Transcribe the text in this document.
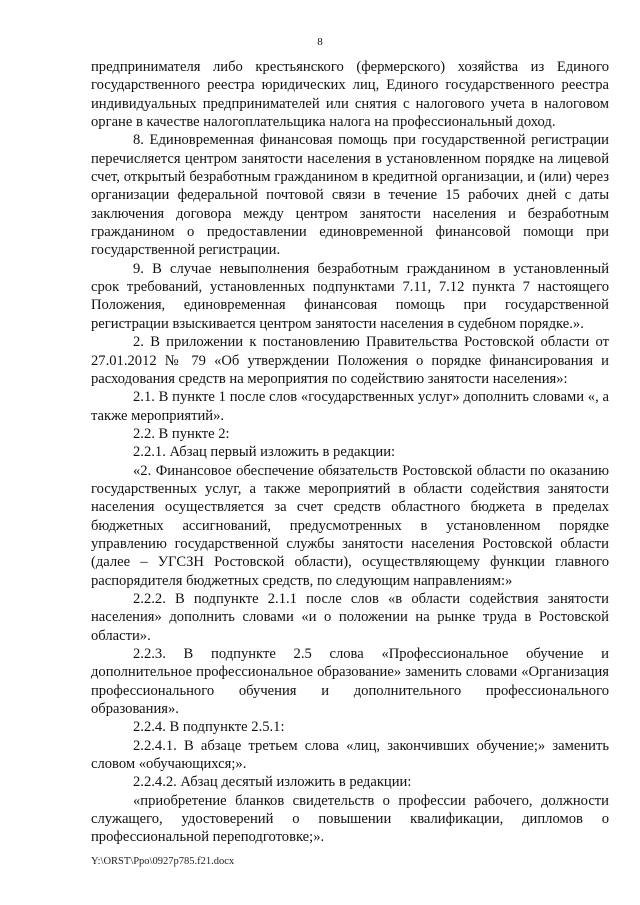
8

предпринимателя либо крестьянского (фермерского) хозяйства из Единого государственного реестра юридических лиц, Единого государственного реестра индивидуальных предпринимателей или снятия с налогового учета в налоговом органе в качестве налогоплательщика налога на профессиональный доход.

8. Единовременная финансовая помощь при государственной регистрации перечисляется центром занятости населения в установленном порядке на лицевой счет, открытый безработным гражданином в кредитной организации, и (или) через организации федеральной почтовой связи в течение 15 рабочих дней с даты заключения договора между центром занятости населения и безработным гражданином о предоставлении единовременной финансовой помощи при государственной регистрации.

9. В случае невыполнения безработным гражданином в установленный срок требований, установленных подпунктами 7.11, 7.12 пункта 7 настоящего Положения, единовременная финансовая помощь при государственной регистрации взыскивается центром занятости населения в судебном порядке.».

2. В приложении к постановлению Правительства Ростовской области от 27.01.2012 № 79 «Об утверждении Положения о порядке финансирования и расходования средств на мероприятия по содействию занятости населения»:

2.1. В пункте 1 после слов «государственных услуг» дополнить словами «, а также мероприятий».

2.2. В пункте 2:

2.2.1. Абзац первый изложить в редакции:

«2. Финансовое обеспечение обязательств Ростовской области по оказанию государственных услуг, а также мероприятий в области содействия занятости населения осуществляется за счет средств областного бюджета в пределах бюджетных ассигнований, предусмотренных в установленном порядке управлению государственной службы занятости населения Ростовской области (далее – УГСЗН Ростовской области), осуществляющему функции главного распорядителя бюджетных средств, по следующим направлениям:»

2.2.2. В подпункте 2.1.1 после слов «в области содействия занятости населения» дополнить словами «и о положении на рынке труда в Ростовской области».

2.2.3. В подпункте 2.5 слова «Профессиональное обучение и дополнительное профессиональное образование» заменить словами «Организация профессионального обучения и дополнительного профессионального образования».

2.2.4. В подпункте 2.5.1:

2.2.4.1. В абзаце третьем слова «лиц, закончивших обучение;» заменить словом «обучающихся;».

2.2.4.2. Абзац десятый изложить в редакции:

«приобретение бланков свидетельств о профессии рабочего, должности служащего, удостоверений о повышении квалификации, дипломов о профессиональной переподготовке;».

Y:\ORST\Ppo\0927p785.f21.docx
